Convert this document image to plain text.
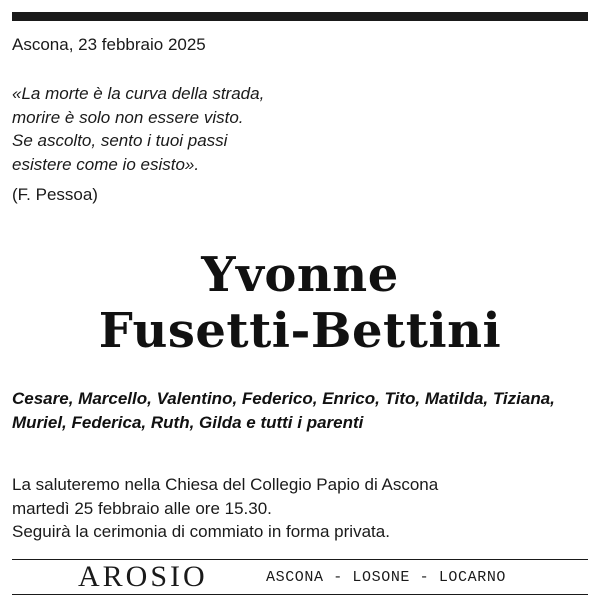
Ascona, 23 febbraio 2025
«La morte è la curva della strada,
morire è solo non essere visto.
Se ascolto, sento i tuoi passi
esistere come io esisto».
(F. Pessoa)
Yvonne
Fusetti-Bettini
Cesare, Marcello, Valentino, Federico, Enrico, Tito, Matilda, Tiziana,
Muriel, Federica, Ruth, Gilda e tutti i parenti
La saluteremo nella Chiesa del Collegio Papio di Ascona
martedì 25 febbraio alle ore 15.30.
Seguirà la cerimonia di commiato in forma privata.
AROSIO	ASCONA - LOSONE - LOCARNO
